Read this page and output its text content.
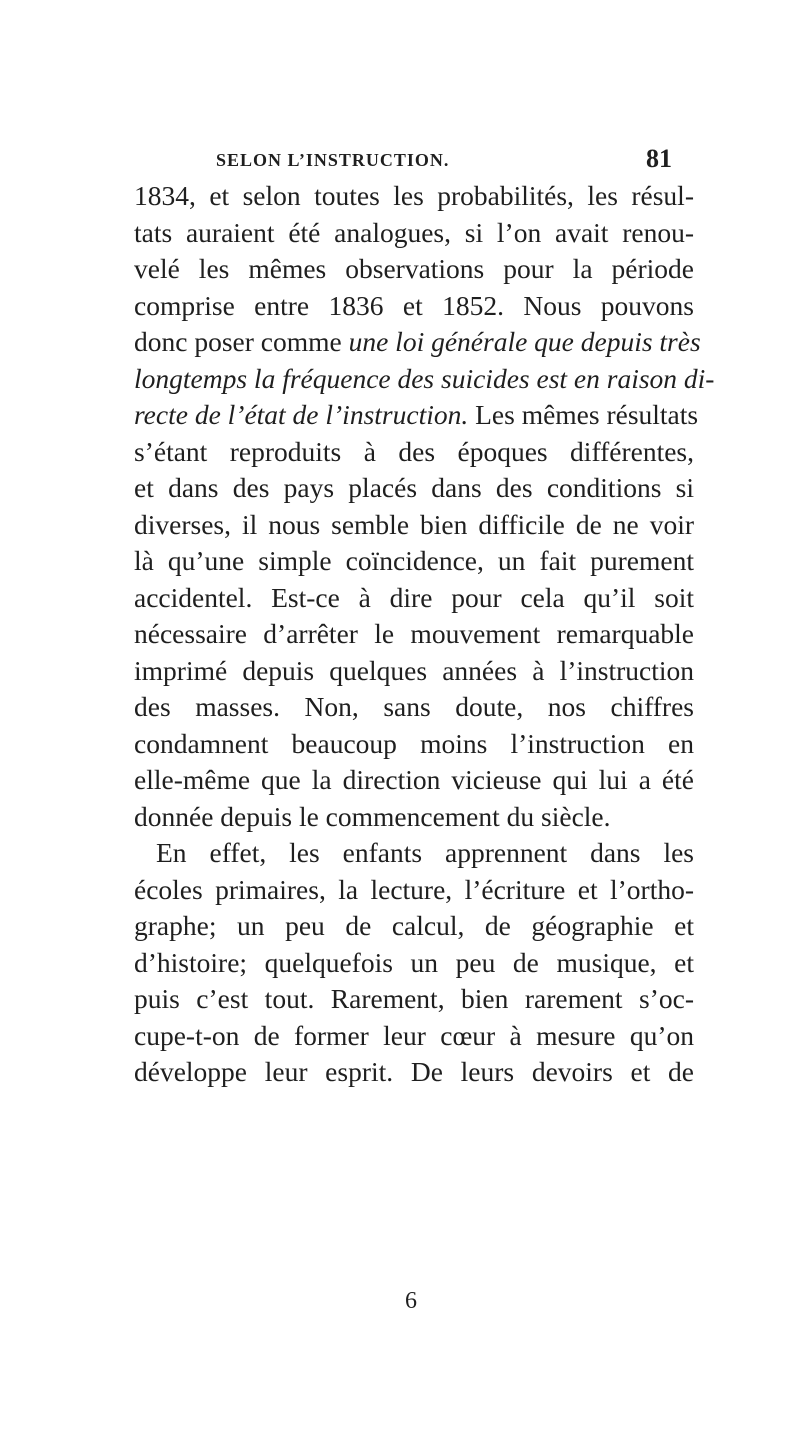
SELON L’INSTRUCTION.	81
1834, et selon toutes les probabilités, les résul-
tats auraient été analogues, si l’on avait renou-
velé les mêmes observations pour la période
comprise entre 1836 et 1852. Nous pouvons
donc poser comme une loi générale que depuis très
longtemps la fréquence des suicides est en raison di-
recte de l’état de l’instruction. Les mêmes résultats
s’étant reproduits à des époques différentes,
et dans des pays placés dans des conditions si
diverses, il nous semble bien difficile de ne voir
là qu’une simple coïncidence, un fait purement
accidentel. Est-ce à dire pour cela qu’il soit
nécessaire d’arrêter le mouvement remarquable
imprimé depuis quelques années à l’instruction
des masses. Non, sans doute, nos chiffres
condamnent beaucoup moins l’instruction en
elle-même que la direction vicieuse qui lui a été
donnée depuis le commencement du siècle.
En effet, les enfants apprennent dans les
écoles primaires, la lecture, l’écriture et l’ortho-
graphe; un peu de calcul, de géographie et
d’histoire; quelquefois un peu de musique, et
puis c’est tout. Rarement, bien rarement s’oc-
cupe-t-on de former leur cœur à mesure qu’on
développe leur esprit. De leurs devoirs et de
6
